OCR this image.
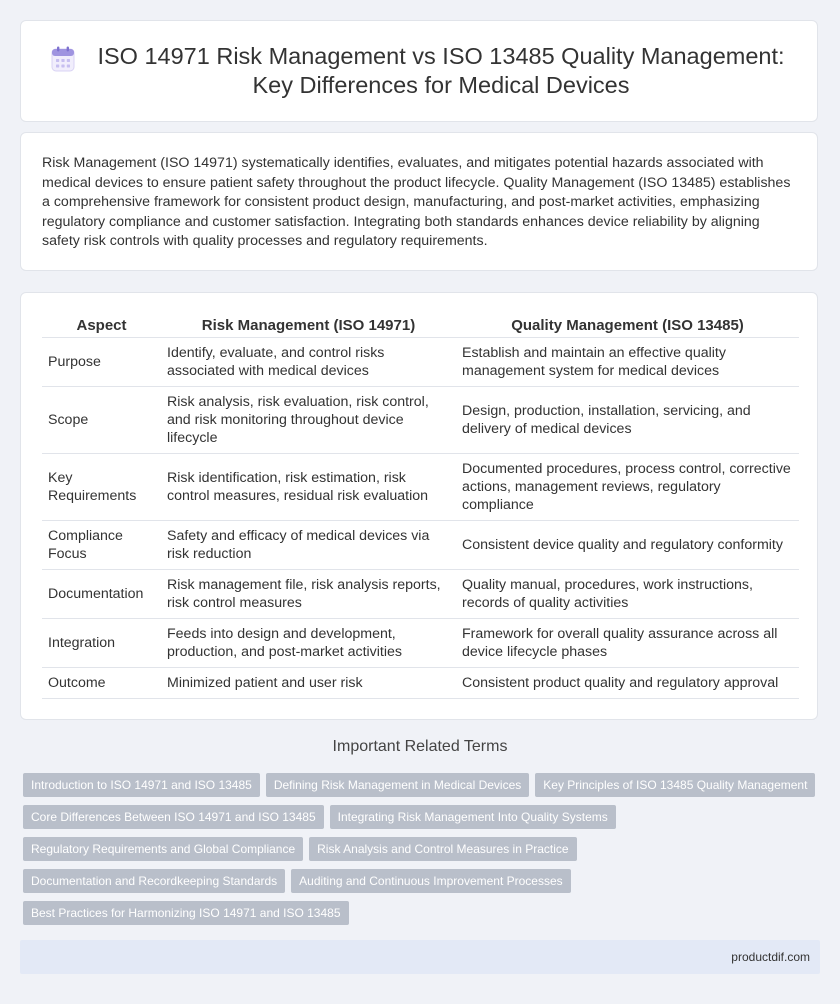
ISO 14971 Risk Management vs ISO 13485 Quality Management: Key Differences for Medical Devices

Risk Management (ISO 14971) systematically identifies, evaluates, and mitigates potential hazards associated with medical devices to ensure patient safety throughout the product lifecycle. Quality Management (ISO 13485) establishes a comprehensive framework for consistent product design, manufacturing, and post-market activities, emphasizing regulatory compliance and customer satisfaction. Integrating both standards enhances device reliability by aligning safety risk controls with quality processes and regulatory requirements.

Aspect	Risk Management (ISO 14971)	Quality Management (ISO 13485)
Purpose	Identify, evaluate, and control risks associated with medical devices	Establish and maintain an effective quality management system for medical devices
Scope	Risk analysis, risk evaluation, risk control, and risk monitoring throughout device lifecycle	Design, production, installation, servicing, and delivery of medical devices
Key Requirements	Risk identification, risk estimation, risk control measures, residual risk evaluation	Documented procedures, process control, corrective actions, management reviews, regulatory compliance
Compliance Focus	Safety and efficacy of medical devices via risk reduction	Consistent device quality and regulatory conformity
Documentation	Risk management file, risk analysis reports, risk control measures	Quality manual, procedures, work instructions, records of quality activities
Integration	Feeds into design and development, production, and post-market activities	Framework for overall quality assurance across all device lifecycle phases
Outcome	Minimized patient and user risk	Consistent product quality and regulatory approval
Important Related Terms
Introduction to ISO 14971 and ISO 13485 Defining Risk Management in Medical Devices Key Principles of ISO 13485 Quality Management
Core Differences Between ISO 14971 and ISO 13485 Integrating Risk Management Into Quality Systems
Regulatory Requirements and Global Compliance Risk Analysis and Control Measures in Practice
Documentation and Recordkeeping Standards Auditing and Continuous Improvement Processes
Best Practices for Harmonizing ISO 14971 and ISO 13485
productdif.com
